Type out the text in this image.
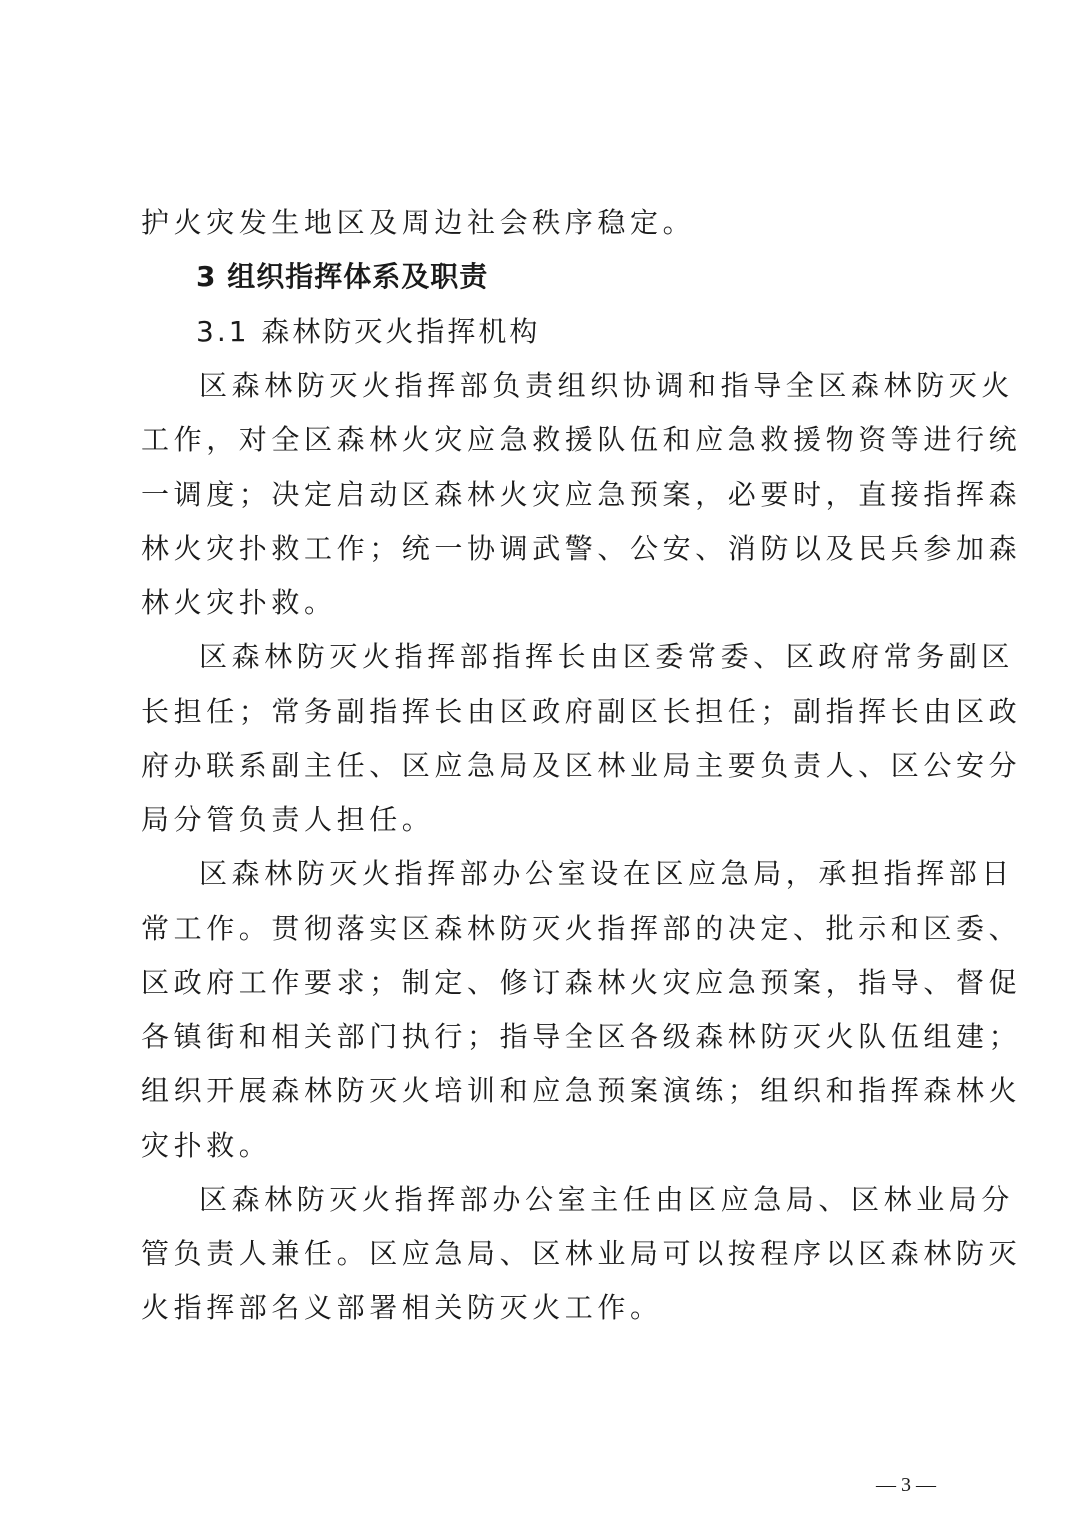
护火灾发生地区及周边社会秩序稳定。
3 组织指挥体系及职责
3.1 森林防灭火指挥机构
区森林防灭火指挥部负责组织协调和指导全区森林防灭火
工作，对全区森林火灾应急救援队伍和应急救援物资等进行统
一调度；决定启动区森林火灾应急预案，必要时，直接指挥森
林火灾扑救工作；统一协调武警、公安、消防以及民兵参加森
林火灾扑救。
区森林防灭火指挥部指挥长由区委常委、区政府常务副区
长担任；常务副指挥长由区政府副区长担任；副指挥长由区政
府办联系副主任、区应急局及区林业局主要负责人、区公安分
局分管负责人担任。
区森林防灭火指挥部办公室设在区应急局，承担指挥部日
常工作。贯彻落实区森林防灭火指挥部的决定、批示和区委、
区政府工作要求；制定、修订森林火灾应急预案，指导、督促
各镇街和相关部门执行；指导全区各级森林防灭火队伍组建；
组织开展森林防灭火培训和应急预案演练；组织和指挥森林火
灾扑救。
区森林防灭火指挥部办公室主任由区应急局、区林业局分
管负责人兼任。区应急局、区林业局可以按程序以区森林防灭
火指挥部名义部署相关防灭火工作。
— 3 —
